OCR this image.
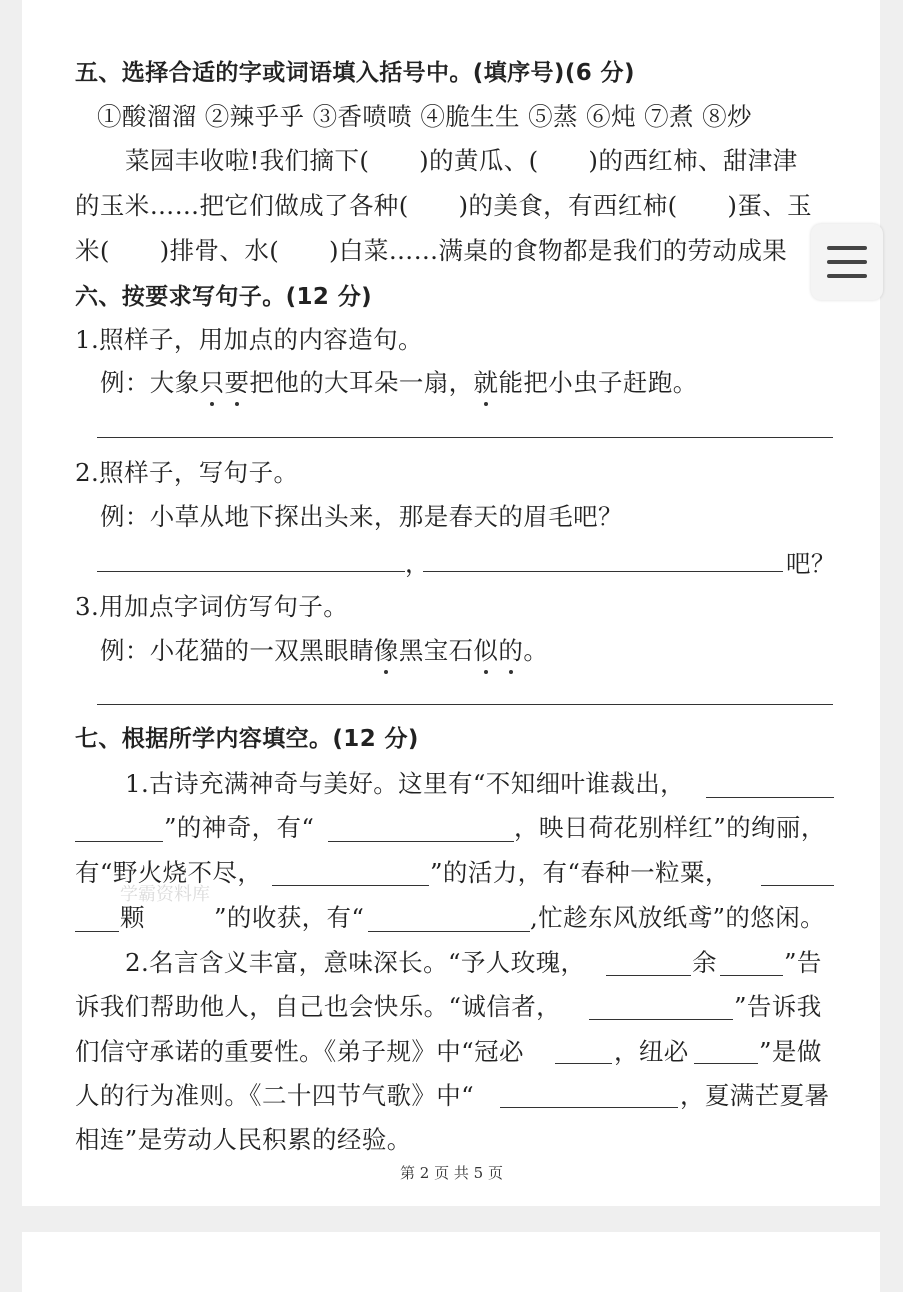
五、选择合适的字或词语填入括号中。(填序号)(6 分)
①酸溜溜 ②辣乎乎 ③香喷喷 ④脆生生 ⑤蒸 ⑥炖 ⑦煮 ⑧炒
菜园丰收啦!我们摘下(　　)的黄瓜、(　　)的西红柿、甜津津
的玉米……把它们做成了各种(　　)的美食，有西红柿(　　)蛋、玉
米(　　)排骨、水(　　)白菜……满桌的食物都是我们的劳动成果
六、按要求写句子。(12 分)
1.照样子，用加点的内容造句。
例：大象只要把他的大耳朵一扇，就能把小虫子赶跑。
2.照样子，写句子。
例：小草从地下探出头来，那是春天的眉毛吧？
，	吧？
3.用加点字词仿写句子。
例：小花猫的一双黑眼睛像黑宝石似的。
七、根据所学内容填空。(12 分)
1.古诗充满神奇与美好。这里有“不知细叶谁裁出，
”的神奇，有“	，映日荷花别样红”的绚丽，
有“野火烧不尽，	”的活力，有“春种一粒粟，
颗	”的收获，有“	,忙趁东风放纸鸢”的悠闲。
2.名言含义丰富，意味深长。“予人玫瑰，	余	”告
诉我们帮助他人，自己也会快乐。“诚信者，	”告诉我
们信守承诺的重要性。《弟子规》中“冠必	，纽必	”是做
人的行为准则。《二十四节气歌》中“	，夏满芒夏暑
相连”是劳动人民积累的经验。
第 2 页 共 5 页
学霸资料库
